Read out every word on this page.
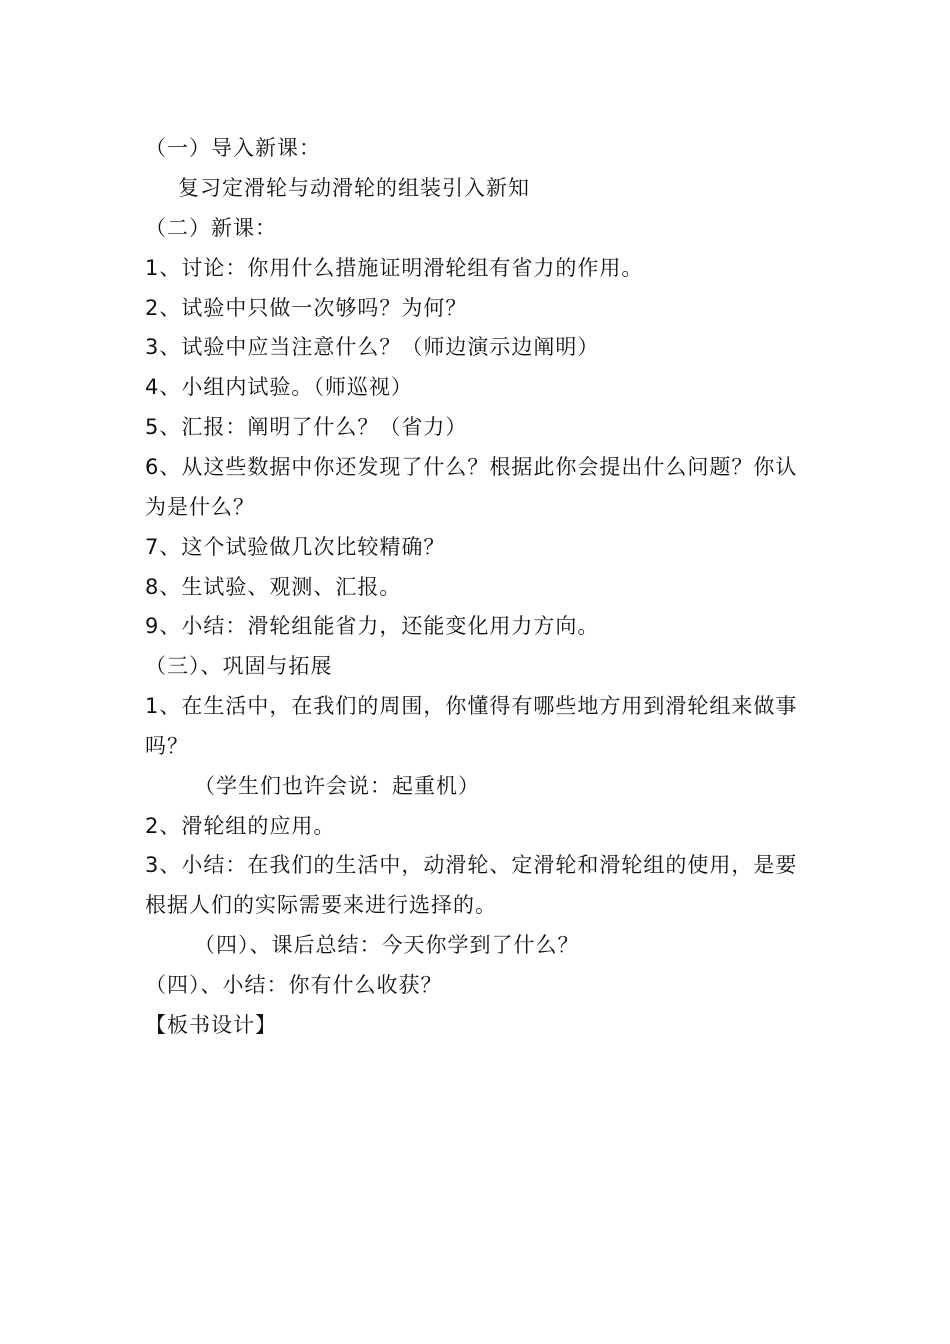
（一）导入新课：
复习定滑轮与动滑轮的组装引入新知
（二）新课：
1、讨论：你用什么措施证明滑轮组有省力的作用。
2、试验中只做一次够吗？为何？
3、试验中应当注意什么？（师边演示边阐明）
4、小组内试验。（师巡视）
5、汇报：阐明了什么？（省力）
6、从这些数据中你还发现了什么？根据此你会提出什么问题？你认
为是什么？
7、这个试验做几次比较精确？
8、生试验、观测、汇报。
9、小结：滑轮组能省力，还能变化用力方向。
（三）、巩固与拓展
1、在生活中，在我们的周围，你懂得有哪些地方用到滑轮组来做事
吗？
（学生们也许会说：起重机）
2、滑轮组的应用。
3、小结：在我们的生活中，动滑轮、定滑轮和滑轮组的使用，是要
根据人们的实际需要来进行选择的。
（四）、课后总结：今天你学到了什么？
（四）、小结：你有什么收获？
【板书设计】
